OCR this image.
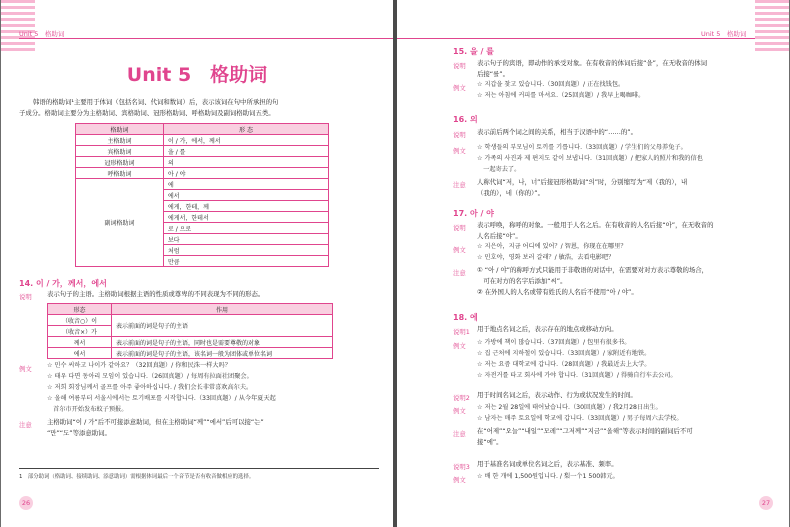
Unit 5　格助词
Unit 5　格助词
韩语的格助词¹主要用于体词（包括名词、代词和数词）后，表示该词在句中所承担的句
子成分。格助词主要分为主格助词、宾格助词、冠形格助词、呼格助词及副词格助词五类。
格助词	形 态
主格助词	이 / 가，에서，께서
宾格助词	을 / 를
冠形格助词	의
呼格助词	아 / 야
副词格助词	에
	에서
	에게，한테，께
	에게서，한테서
	로 / 으로
	보다
	처럼
	만큼
14. 이 / 가，께서，에서
说明 表示句子的主语。主格助词根据主语的性质或尊卑的不同表现为不同的形态。
形态	作用
（收音○）이	表示前面的词是句子的主语
（收音×）가	
께서	表示前面的词是句子的主语，同时也是需要尊敬的对象
에서	表示前面的词是句子的主语，该名词一般为团体或单位名词
例文 ☆ 민수 씨하고 나이가 같아요？（32回真题）/ 你和民洙一样大吗？
☆ 태우 다면 동아리 모임이 있습니다.（26回真题）/ 每周有拉面社团聚会。
☆ 저희 회장님께서 골프를 아주 좋아하십니다. / 我们会长非常喜欢高尔夫。
☆ 올해 여름부터 서울시에서는 토기배포를 시작합니다.（33回真题）/ 从今年夏天起
　首尔市开始发布蚊子预报。
注意 主格助词“이 / 가”后不可接添意助词，但在主格助词“께”“에서”后可以接“는”
“만”“도”等添意助词。
1　部分助词（格助词、接续助词、添意助词）需根据体词最后一个音节是否有收音做相应的选择。
26
Unit 5　格助词
15. 을 / 를
说明 表示句子的宾语，即动作的承受对象。在有收音的体词后接“을”，在无收音的体词
后接“를”。
例文 ☆ 지갑을 찾고 있습니다.（30回真题）/ 正在找钱包。
☆ 저는 아침에 커피를 마셔요.（25回真题）/ 我早上喝咖啡。
16. 의
说明 表示前后两个词之间的关系，相当于汉语中的“……的”。
例文 ☆ 학생들의 부모님이 토끼를 기릅니다.（33回真题）/ 学生们的父母养兔子。
☆ 가족의 사진과 제 편지도 같이 보냅니다.（31回真题）/ 把家人的照片和我的信也
　一起寄去了。
注意 人称代词“저，나，너”后接冠形格助词“의”时，分别缩写为“제（我的），내
（我的），네（你的）”。
17. 아 / 야
说明 表示呼唤，称呼的对象。一般用于人名之后。在有收音的人名后接“아”，在无收音的
人名后接“야”。
例文 ☆ 지은아，지금 어디에 있어？/ 智恩，你现在在哪里？
☆ 민호야，영화 보러 갈래？/ 敏浩，去看电影吧？
注意 ① “아 / 야”的称呼方式只能用于非敬语的对话中，在需要对对方表示尊敬的场合，
　可在对方的名字后添加“씨”。
② 在外国人的人名或带有姓氏的人名后不使用“아 / 야”。
18. 에
说明1 用于地点名词之后，表示存在的地点或移动方向。
例文 ☆ 가방에 책이 많습니다.（37回真题）/ 包里有很多书。
☆ 집 근처에 지하철이 있습니다.（33回真题）/ 家附近有地铁。
☆ 저는 요즘 대학교에 갑니다.（28回真题）/ 我最近去上大学。
☆ 자전거를 타고 회사에 가야 합니다.（31回真题）/ 得骑自行车去公司。
说明2 用于时间名词之后，表示动作、行为或状况发生的时间。
例文 ☆ 저는 2월 28일에 태어났습니다.（30回真题）/ 我2月28日出生。
☆ 남자는 매주 토요일에 학교에 갑니다.（33回真题）/ 男子每周六去学校。
注意 在“어제”“오늘”“내일”“모레”“그저께”“지금”“올해”等表示时间的副词后不可
接“에”。
说明3 用于基准名词或单位名词之后，表示基准、频率。
例文 ☆ 배 한 개에 1,500원입니다. / 梨一个1 500韩元。
27
